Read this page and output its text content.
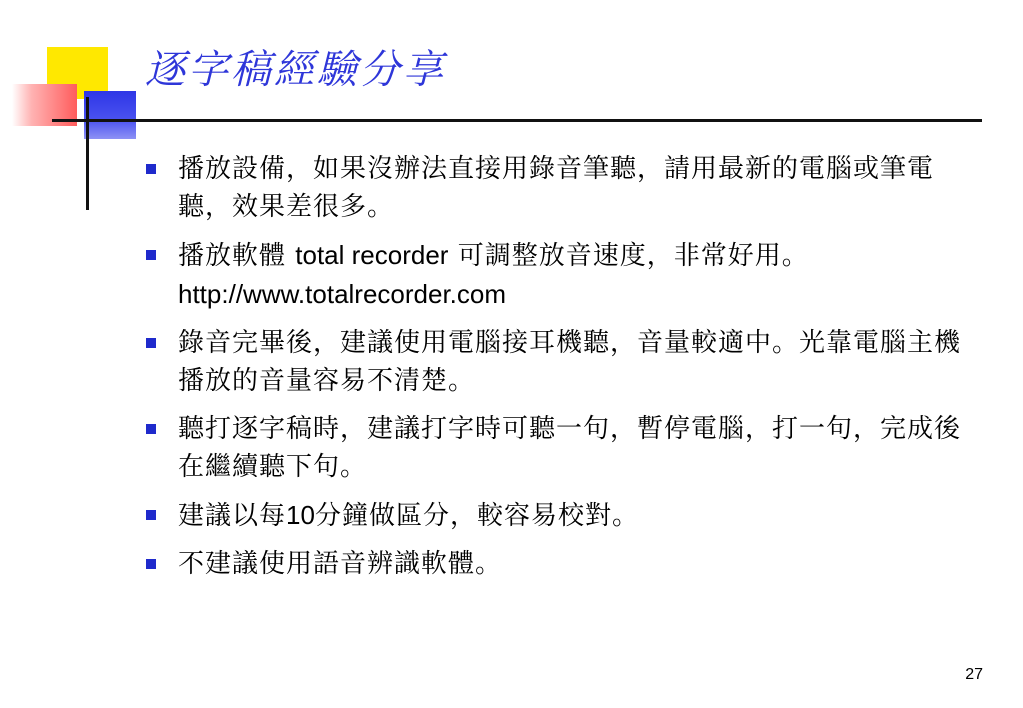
逐字稿經驗分享
播放設備，如果沒辦法直接用錄音筆聽，請用最新的電腦或筆電聽，效果差很多。
播放軟體 total recorder 可調整放音速度，非常好用。http://www.totalrecorder.com
錄音完畢後，建議使用電腦接耳機聽，音量較適中。光靠電腦主機播放的音量容易不清楚。
聽打逐字稿時，建議打字時可聽一句，暫停電腦，打一句，完成後在繼續聽下句。
建議以每10分鐘做區分，較容易校對。
不建議使用語音辨識軟體。
27
